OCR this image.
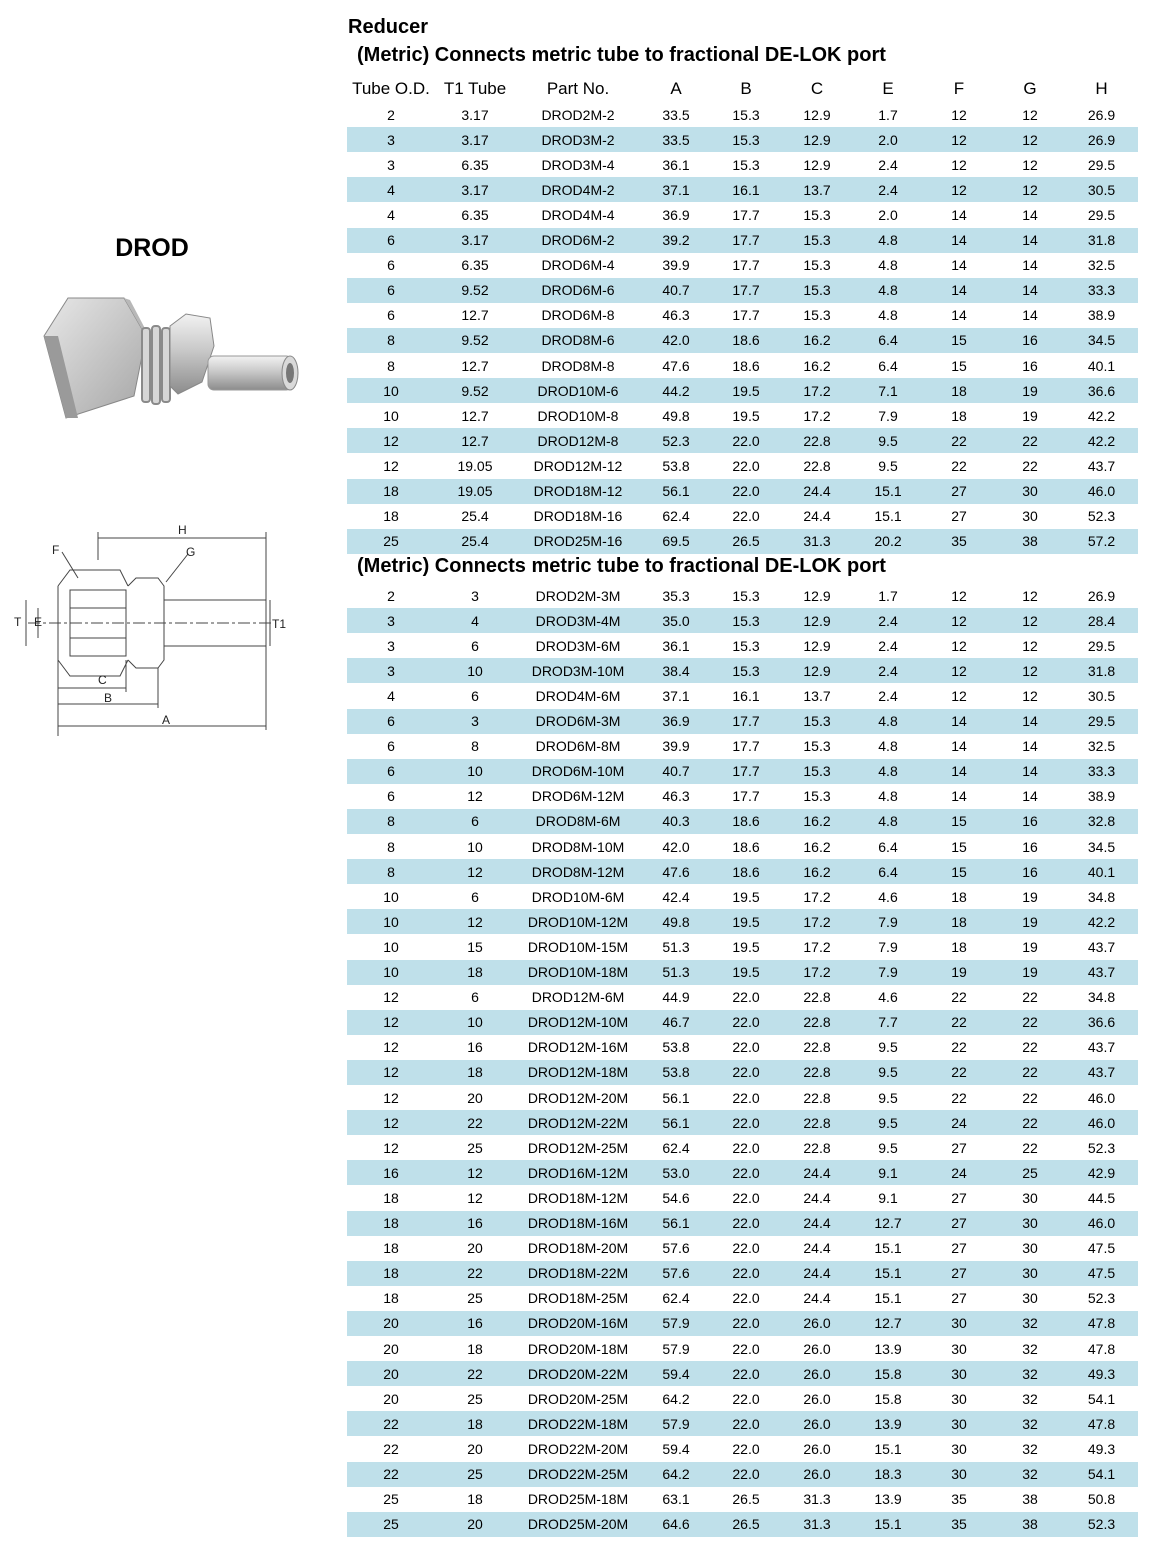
DROD
H
G
F
T E	T1
C
B
A
Reducer
(Metric) Connects metric tube to fractional DE-LOK port
Tube O.D. T1 Tube	Part No.	A	B	C	E	F	G	H
(Metric) Connects metric tube to fractional DE-LOK port
2	3.17	DROD2M-2	33.5	15.3	12.9	1.7	12	12	26.9
3	3.17	DROD3M-2	33.5	15.3	12.9	2.0	12	12	26.9
3	6.35	DROD3M-4	36.1	15.3	12.9	2.4	12	12	29.5
4	3.17	DROD4M-2	37.1	16.1	13.7	2.4	12	12	30.5
4	6.35	DROD4M-4	36.9	17.7	15.3	2.0	14	14	29.5
6	3.17	DROD6M-2	39.2	17.7	15.3	4.8	14	14	31.8
6	6.35	DROD6M-4	39.9	17.7	15.3	4.8	14	14	32.5
6	9.52	DROD6M-6	40.7	17.7	15.3	4.8	14	14	33.3
6	12.7	DROD6M-8	46.3	17.7	15.3	4.8	14	14	38.9
8	9.52	DROD8M-6	42.0	18.6	16.2	6.4	15	16	34.5
8	12.7	DROD8M-8	47.6	18.6	16.2	6.4	15	16	40.1
10	9.52	DROD10M-6	44.2	19.5	17.2	7.1	18	19	36.6
10	12.7	DROD10M-8	49.8	19.5	17.2	7.9	18	19	42.2
12	12.7	DROD12M-8	52.3	22.0	22.8	9.5	22	22	42.2
12	19.05	DROD12M-12	53.8	22.0	22.8	9.5	22	22	43.7
18	19.05	DROD18M-12	56.1	22.0	24.4	15.1	27	30	46.0
18	25.4	DROD18M-16	62.4	22.0	24.4	15.1	27	30	52.3
25	25.4	DROD25M-16	69.5	26.5	31.3	20.2	35	38	57.2
2	3	DROD2M-3M	35.3	15.3	12.9	1.7	12	12	26.9
3	4	DROD3M-4M	35.0	15.3	12.9	2.4	12	12	28.4
3	6	DROD3M-6M	36.1	15.3	12.9	2.4	12	12	29.5
3	10	DROD3M-10M	38.4	15.3	12.9	2.4	12	12	31.8
4	6	DROD4M-6M	37.1	16.1	13.7	2.4	12	12	30.5
6	3	DROD6M-3M	36.9	17.7	15.3	4.8	14	14	29.5
6	8	DROD6M-8M	39.9	17.7	15.3	4.8	14	14	32.5
6	10	DROD6M-10M	40.7	17.7	15.3	4.8	14	14	33.3
6	12	DROD6M-12M	46.3	17.7	15.3	4.8	14	14	38.9
8	6	DROD8M-6M	40.3	18.6	16.2	4.8	15	16	32.8
8	10	DROD8M-10M	42.0	18.6	16.2	6.4	15	16	34.5
8	12	DROD8M-12M	47.6	18.6	16.2	6.4	15	16	40.1
10	6	DROD10M-6M	42.4	19.5	17.2	4.6	18	19	34.8
10	12	DROD10M-12M	49.8	19.5	17.2	7.9	18	19	42.2
10	15	DROD10M-15M	51.3	19.5	17.2	7.9	18	19	43.7
10	18	DROD10M-18M	51.3	19.5	17.2	7.9	19	19	43.7
12	6	DROD12M-6M	44.9	22.0	22.8	4.6	22	22	34.8
12	10	DROD12M-10M	46.7	22.0	22.8	7.7	22	22	36.6
12	16	DROD12M-16M	53.8	22.0	22.8	9.5	22	22	43.7
12	18	DROD12M-18M	53.8	22.0	22.8	9.5	22	22	43.7
12	20	DROD12M-20M	56.1	22.0	22.8	9.5	22	22	46.0
12	22	DROD12M-22M	56.1	22.0	22.8	9.5	24	22	46.0
12	25	DROD12M-25M	62.4	22.0	22.8	9.5	27	22	52.3
16	12	DROD16M-12M	53.0	22.0	24.4	9.1	24	25	42.9
18	12	DROD18M-12M	54.6	22.0	24.4	9.1	27	30	44.5
18	16	DROD18M-16M	56.1	22.0	24.4	12.7	27	30	46.0
18	20	DROD18M-20M	57.6	22.0	24.4	15.1	27	30	47.5
18	22	DROD18M-22M	57.6	22.0	24.4	15.1	27	30	47.5
18	25	DROD18M-25M	62.4	22.0	24.4	15.1	27	30	52.3
20	16	DROD20M-16M	57.9	22.0	26.0	12.7	30	32	47.8
20	18	DROD20M-18M	57.9	22.0	26.0	13.9	30	32	47.8
20	22	DROD20M-22M	59.4	22.0	26.0	15.8	30	32	49.3
20	25	DROD20M-25M	64.2	22.0	26.0	15.8	30	32	54.1
22	18	DROD22M-18M	57.9	22.0	26.0	13.9	30	32	47.8
22	20	DROD22M-20M	59.4	22.0	26.0	15.1	30	32	49.3
22	25	DROD22M-25M	64.2	22.0	26.0	18.3	30	32	54.1
25	18	DROD25M-18M	63.1	26.5	31.3	13.9	35	38	50.8
25	20	DROD25M-20M	64.6	26.5	31.3	15.1	35	38	52.3
